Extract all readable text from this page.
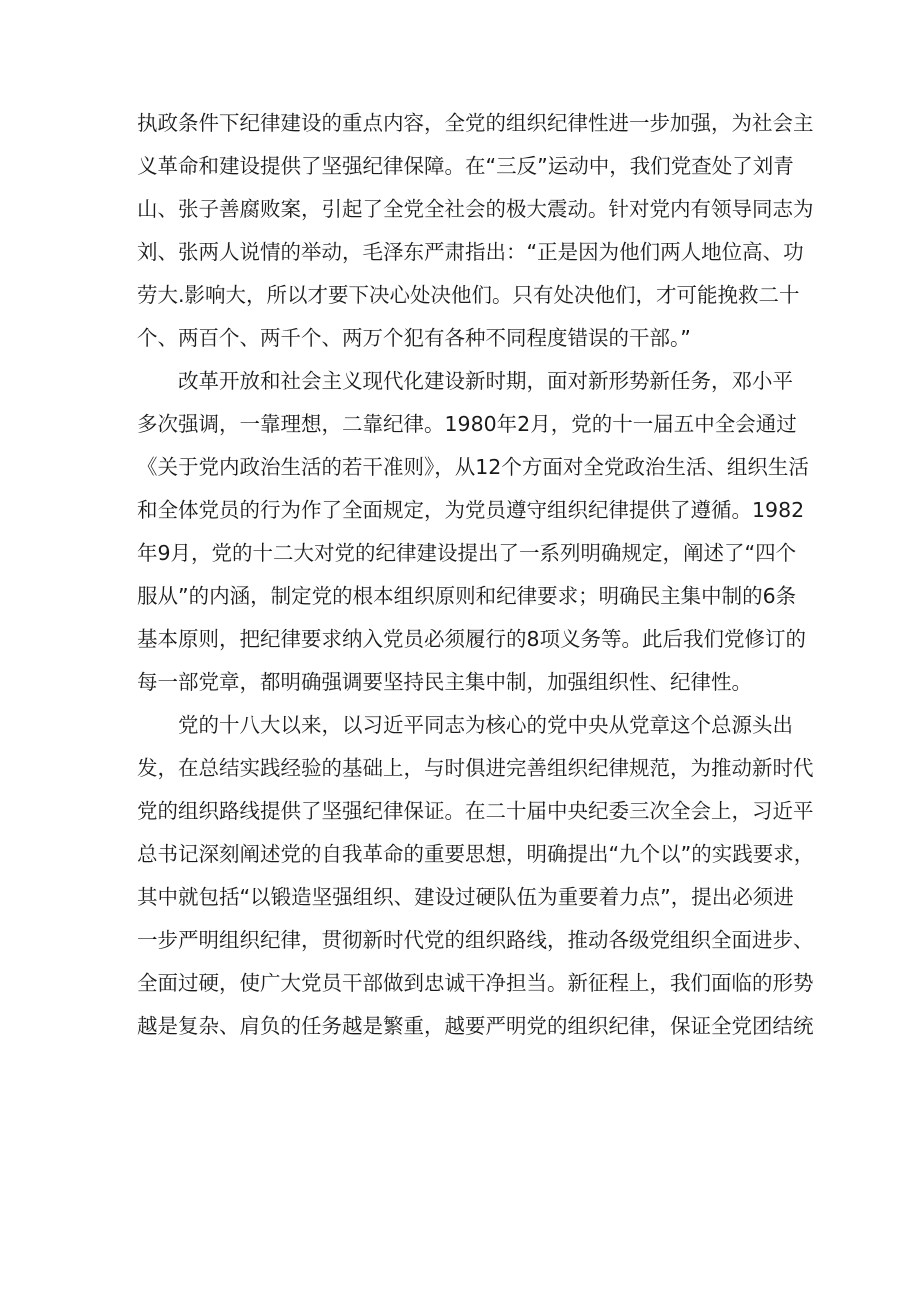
执政条件下纪律建设的重点内容，全党的组织纪律性进一步加强，为社会主
义革命和建设提供了坚强纪律保障。在“三反”运动中，我们党查处了刘青
山、张子善腐败案，引起了全党全社会的极大震动。针对党内有领导同志为
刘、张两人说情的举动，毛泽东严肃指出：“正是因为他们两人地位高、功
劳大.影响大，所以才要下决心处决他们。只有处决他们，才可能挽救二十
个、两百个、两千个、两万个犯有各种不同程度错误的干部。”
改革开放和社会主义现代化建设新时期，面对新形势新任务，邓小平
多次强调，一靠理想，二靠纪律。1980年2月，党的十一届五中全会通过
《关于党内政治生活的若干准则》，从12个方面对全党政治生活、组织生活
和全体党员的行为作了全面规定，为党员遵守组织纪律提供了遵循。1982
年9月，党的十二大对党的纪律建设提出了一系列明确规定，阐述了“四个
服从”的内涵，制定党的根本组织原则和纪律要求；明确民主集中制的6条
基本原则，把纪律要求纳入党员必须履行的8项义务等。此后我们党修订的
每一部党章，都明确强调要坚持民主集中制，加强组织性、纪律性。
党的十八大以来，以习近平同志为核心的党中央从党章这个总源头出
发，在总结实践经验的基础上，与时俱进完善组织纪律规范，为推动新时代
党的组织路线提供了坚强纪律保证。在二十届中央纪委三次全会上，习近平
总书记深刻阐述党的自我革命的重要思想，明确提出“九个以”的实践要求，
其中就包括“以锻造坚强组织、建设过硬队伍为重要着力点”，提出必须进
一步严明组织纪律，贯彻新时代党的组织路线，推动各级党组织全面进步、
全面过硬，使广大党员干部做到忠诚干净担当。新征程上，我们面临的形势
越是复杂、肩负的任务越是繁重，越要严明党的组织纪律，保证全党团结统
